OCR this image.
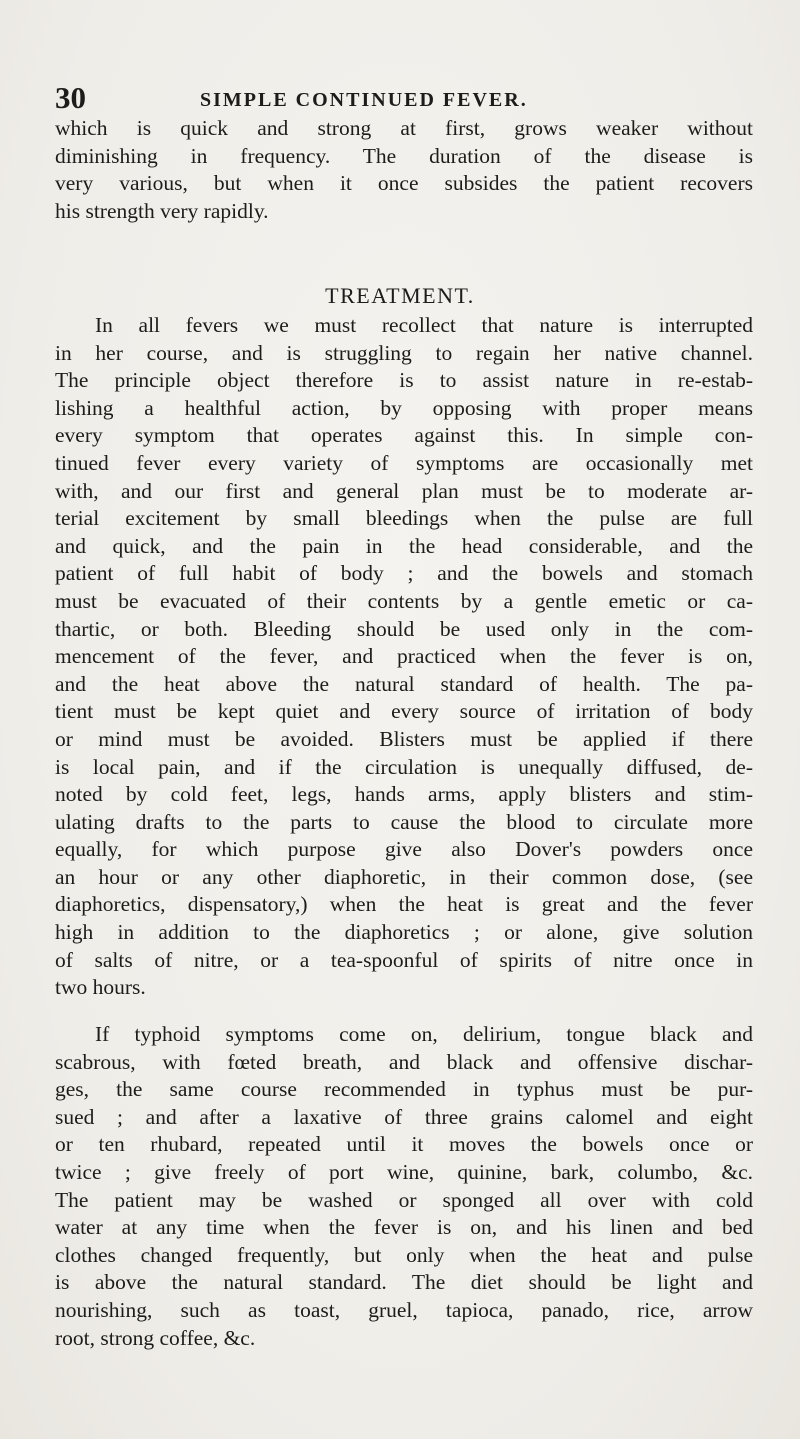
30	SIMPLE CONTINUED FEVER.
which is quick and strong at first, grows weaker without
diminishing in frequency. The duration of the disease is
very various, but when it once subsides the patient recovers
his strength very rapidly.
TREATMENT.
In all fevers we must recollect that nature is interrupted
in her course, and is struggling to regain her native channel.
The principle object therefore is to assist nature in re-estab-
lishing a healthful action, by opposing with proper means
every symptom that operates against this. In simple con-
tinued fever every variety of symptoms are occasionally met
with, and our first and general plan must be to moderate ar-
terial excitement by small bleedings when the pulse are full
and quick, and the pain in the head considerable, and the
patient of full habit of body ; and the bowels and stomach
must be evacuated of their contents by a gentle emetic or ca-
thartic, or both. Bleeding should be used only in the com-
mencement of the fever, and practiced when the fever is on,
and the heat above the natural standard of health. The pa-
tient must be kept quiet and every source of irritation of body
or mind must be avoided. Blisters must be applied if there
is local pain, and if the circulation is unequally diffused, de-
noted by cold feet, legs, hands arms, apply blisters and stim-
ulating drafts to the parts to cause the blood to circulate more
equally, for which purpose give also Dover's powders once
an hour or any other diaphoretic, in their common dose, (see
diaphoretics, dispensatory,) when the heat is great and the fever
high in addition to the diaphoretics ; or alone, give solution
of salts of nitre, or a tea-spoonful of spirits of nitre once in
two hours.
If typhoid symptoms come on, delirium, tongue black and
scabrous, with fœted breath, and black and offensive dischar-
ges, the same course recommended in typhus must be pur-
sued ; and after a laxative of three grains calomel and eight
or ten rhubard, repeated until it moves the bowels once or
twice ; give freely of port wine, quinine, bark, columbo, &c.
The patient may be washed or sponged all over with cold
water at any time when the fever is on, and his linen and bed
clothes changed frequently, but only when the heat and pulse
is above the natural standard. The diet should be light and
nourishing, such as toast, gruel, tapioca, panado, rice, arrow
root, strong coffee, &c.
